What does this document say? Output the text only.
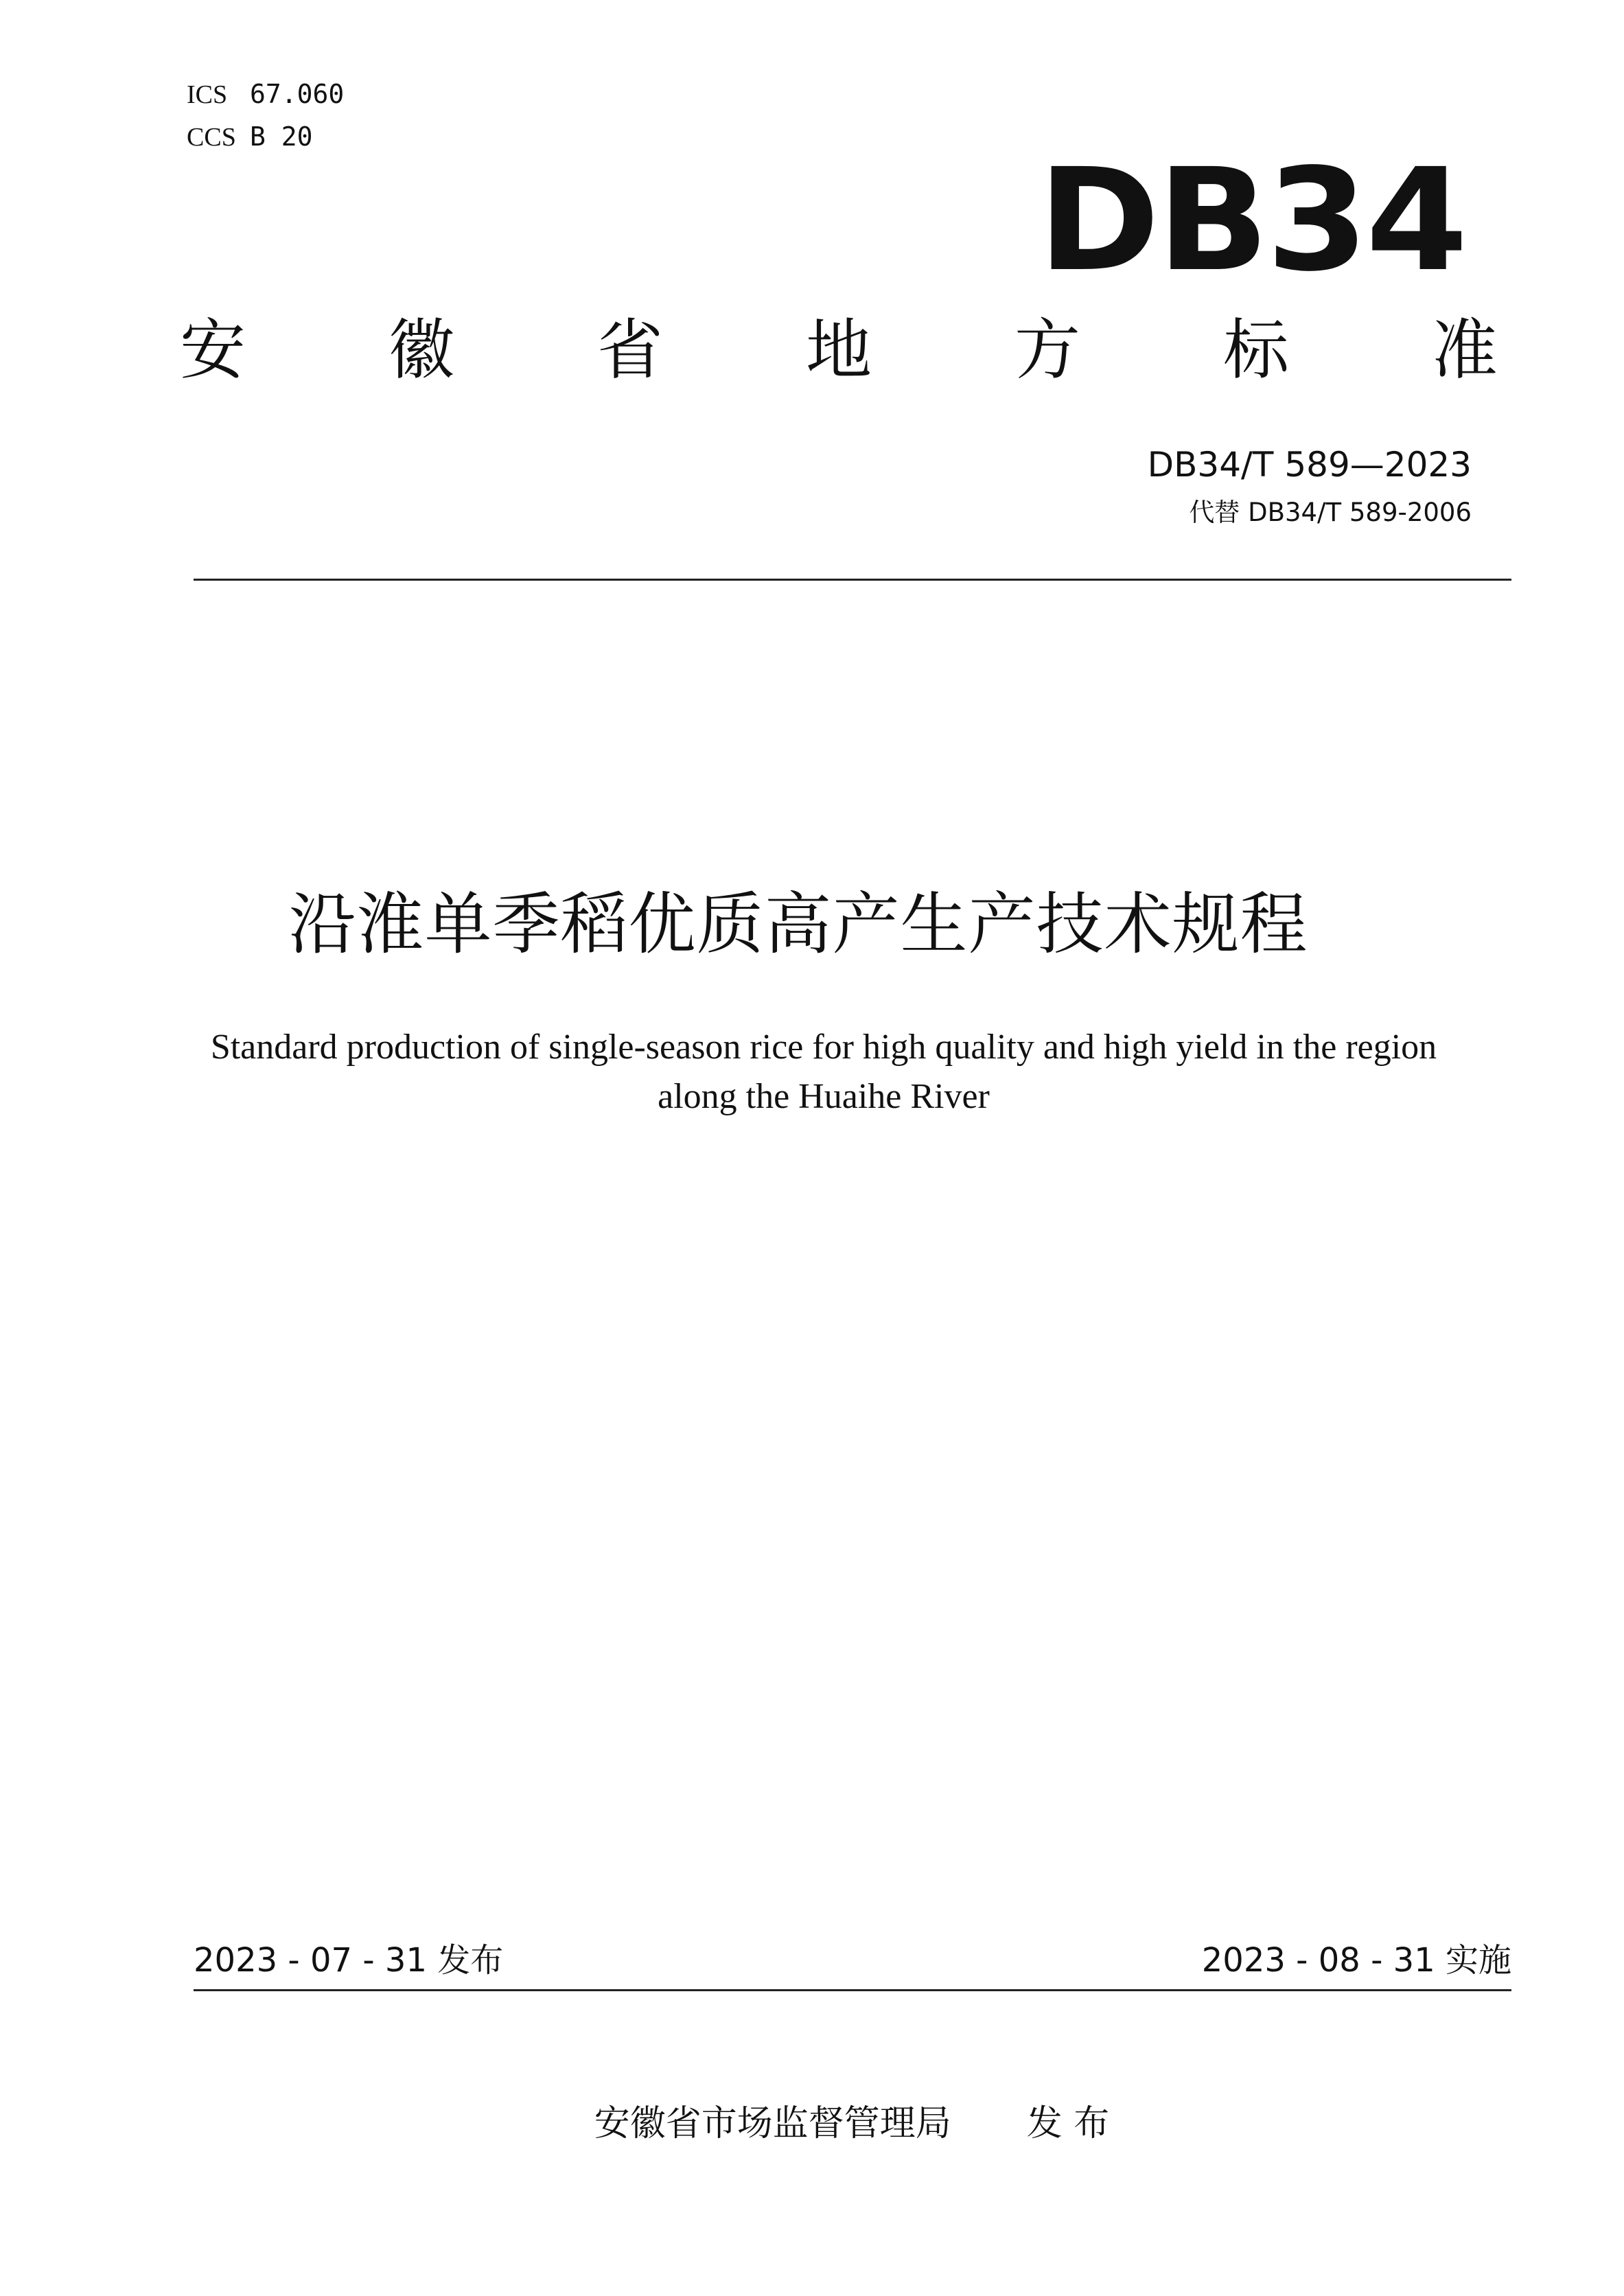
ICS 67.060
CCS B 20
DB34
安 徽 省 地 方 标 准
DB34/T 589—2023
代替 DB34/T 589-2006
沿淮单季稻优质高产生产技术规程
Standard production of single-season rice for high quality and high yield in the region
along the Huaihe River
2023 - 07 - 31 发布	2023 - 08 - 31 实施
安徽省市场监督管理局 发 布
